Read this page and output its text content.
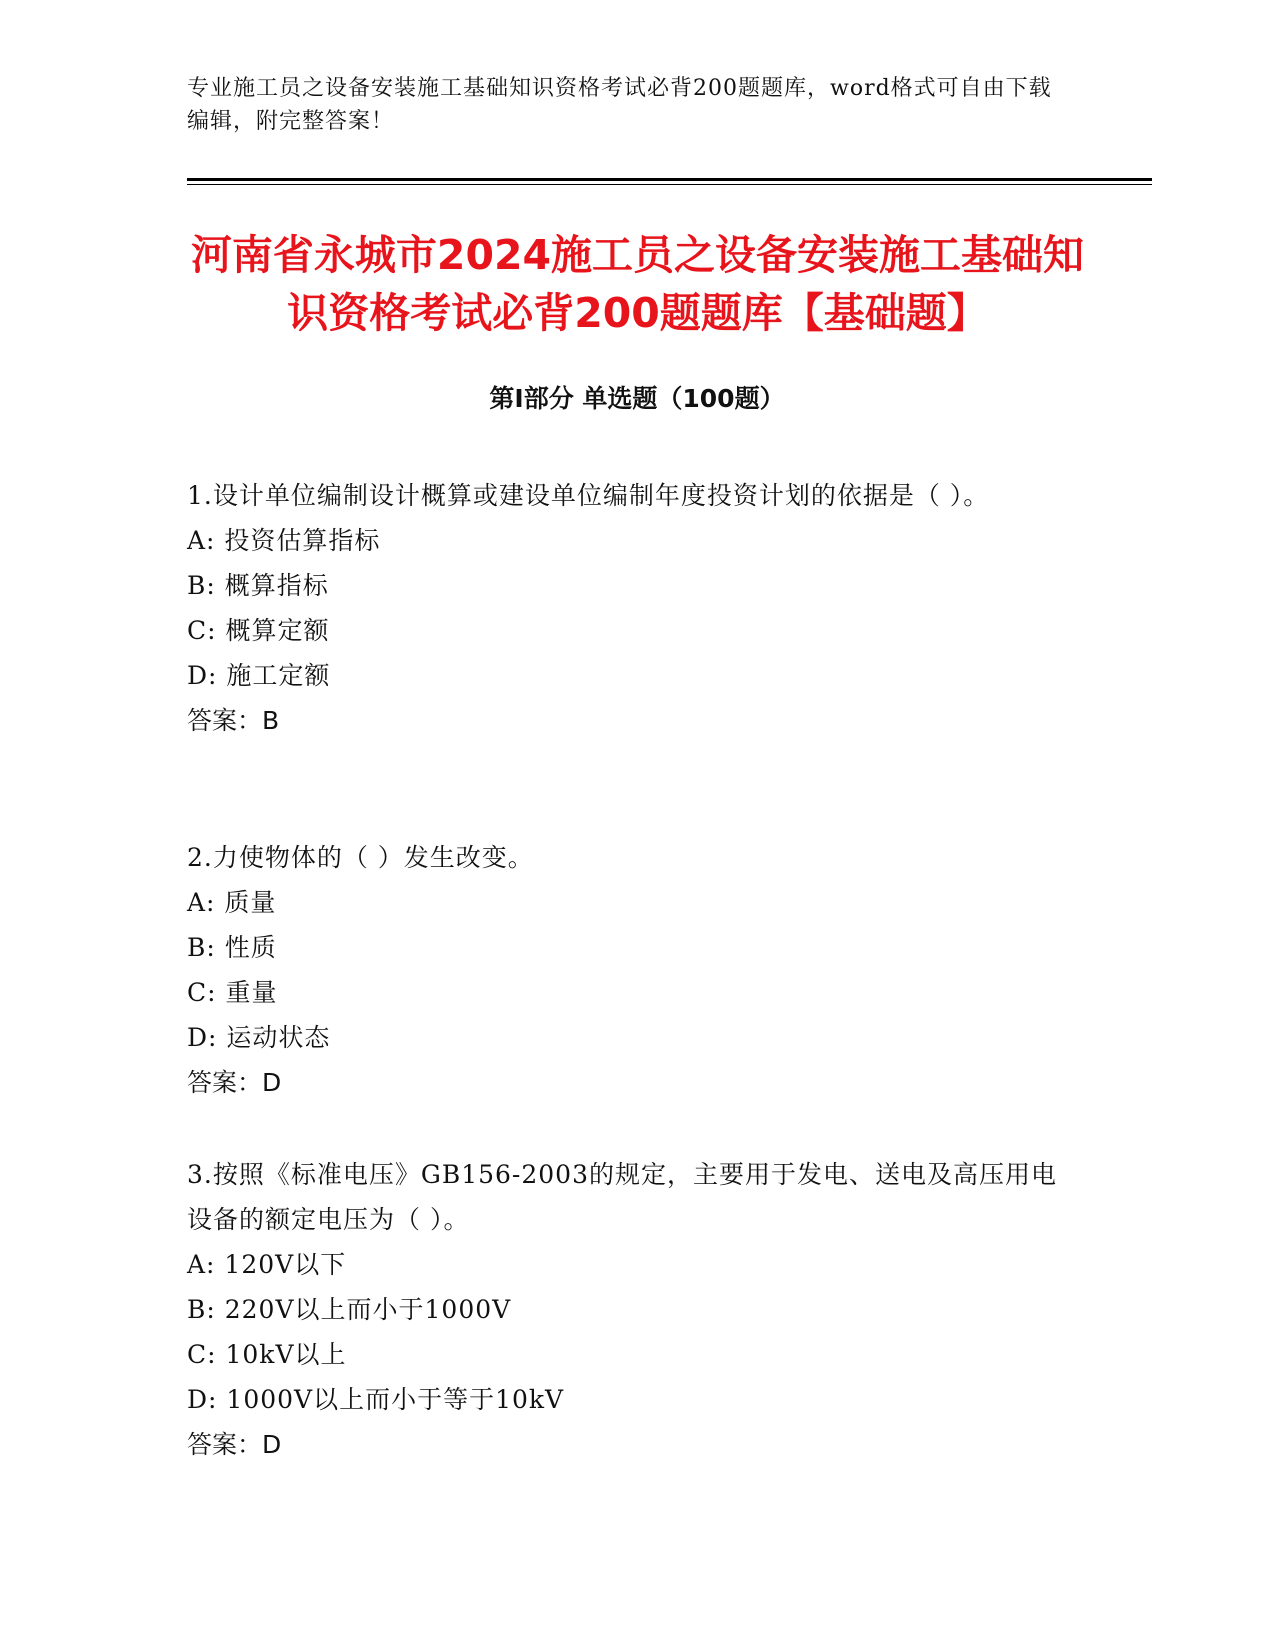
专业施工员之设备安装施工基础知识资格考试必背200题题库，word格式可自由下载编辑，附完整答案！
河南省永城市2024施工员之设备安装施工基础知识资格考试必背200题题库【基础题】
第Ⅰ部分 单选题（100题）

1.设计单位编制设计概算或建设单位编制年度投资计划的依据是（ ）。

A: 投资估算指标
B: 概算指标
C: 概算定额
D: 施工定额
答案：B

2.力使物体的（ ）发生改变。

A: 质量
B: 性质
C: 重量
D: 运动状态
答案：D

3.按照《标准电压》GB156-2003的规定，主要用于发电、送电及高压用电设备的额定电压为（ ）。

A: 120V以下
B: 220V以上而小于1000V
C: 10kV以上
D: 1000V以上而小于等于10kV
答案：D
